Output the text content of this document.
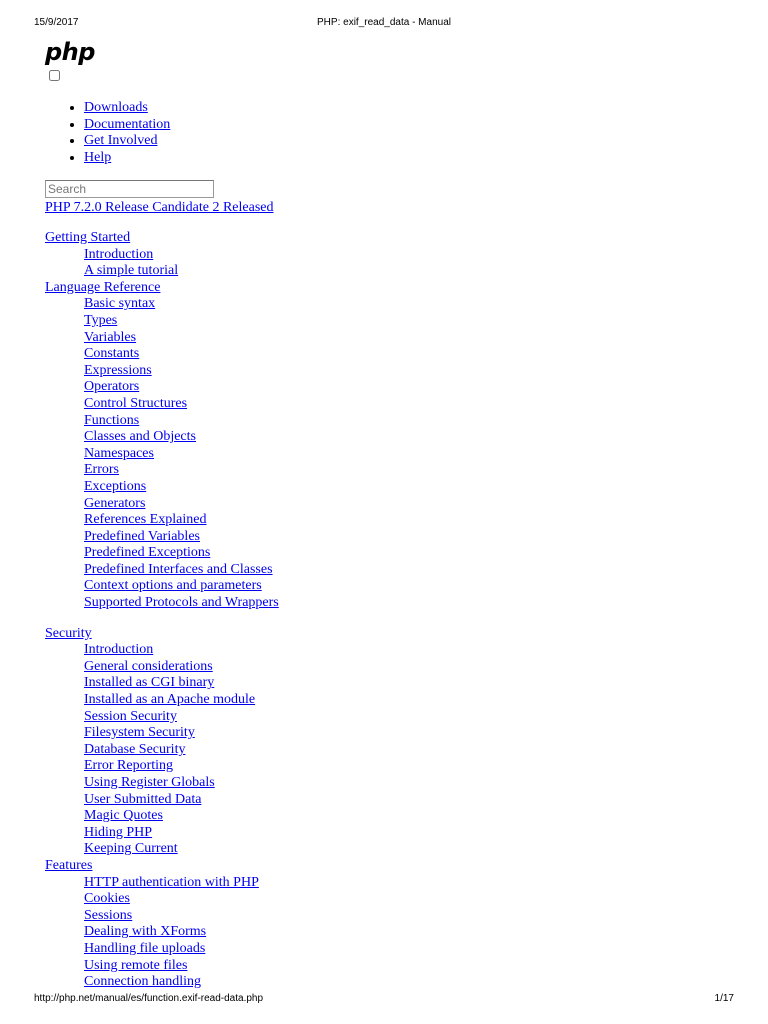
15/9/2017	PHP: exif_read_data - Manual
php
• Downloads
• Documentation
• Get Involved
• Help
Search
PHP 7.2.0 Release Candidate 2 Released
Getting Started
Introduction
A simple tutorial
Language Reference
Basic syntax
Types
Variables
Constants
Expressions
Operators
Control Structures
Functions
Classes and Objects
Namespaces
Errors
Exceptions
Generators
References Explained
Predefined Variables
Predefined Exceptions
Predefined Interfaces and Classes
Context options and parameters
Supported Protocols and Wrappers
Security
Introduction
General considerations
Installed as CGI binary
Installed as an Apache module
Session Security
Filesystem Security
Database Security
Error Reporting
Using Register Globals
User Submitted Data
Magic Quotes
Hiding PHP
Keeping Current
Features
HTTP authentication with PHP
Cookies
Sessions
Dealing with XForms
Handling file uploads
Using remote files
Connection handling
http://php.net/manual/es/function.exif-read-data.php	1/17
